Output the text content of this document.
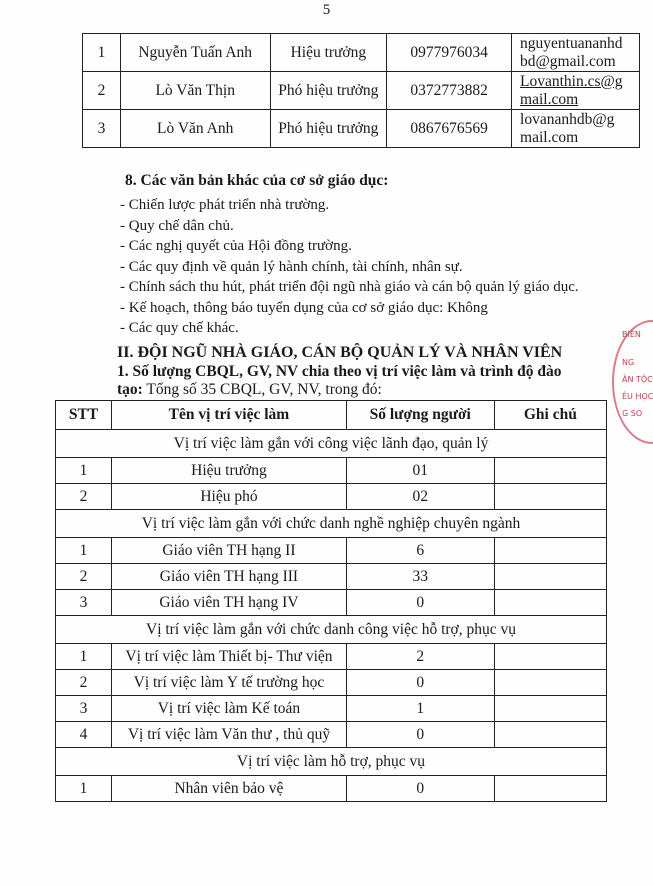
5
1	Nguyễn Tuấn Anh	Hiệu trưởng	0977976034	nguyentuananhd
bd@gmail.com
2	Lò Văn Thịn	Phó hiệu trưởng	0372773882	Lovanthin.cs@g
mail.com
3	Lò Văn Anh	Phó hiệu trưởng	0867676569	lovananhdb@g
mail.com
8. Các văn bản khác của cơ sở giáo dục:
- Chiến lược phát triển nhà trường.
- Quy chế dân chủ.
- Các nghị quyết của Hội đồng trường.
- Các quy định về quản lý hành chính, tài chính, nhân sự.
- Chính sách thu hút, phát triển đội ngũ nhà giáo và cán bộ quản lý giáo dục.
- Kế hoạch, thông báo tuyển dụng của cơ sở giáo dục: Không
- Các quy chế khác.
II. ĐỘI NGŨ NHÀ GIÁO, CÁN BỘ QUẢN LÝ VÀ NHÂN VIÊN
1. Số lượng CBQL, GV, NV chia theo vị trí việc làm và trình độ đào
tạo: Tổng số 35 CBQL, GV, NV, trong đó:
STT	Tên vị trí việc làm	Số lượng người	Ghi chú
Vị trí việc làm gắn với công việc lãnh đạo, quản lý			
1	Hiệu trưởng	01	
2	Hiệu phó	02	
Vị trí việc làm gắn với chức danh nghề nghiệp chuyên ngành			
1	Giáo viên TH hạng II	6	
2	Giáo viên TH hạng III	33	
3	Giáo viên TH hạng IV	0	
Vị trí việc làm gắn với chức danh công việc hỗ trợ, phục vụ			
1	Vị trí việc làm Thiết bị- Thư viện	2	
2	Vị trí việc làm Y tế trường học	0	
3	Vị trí việc làm Kế toán	1	
4	Vị trí việc làm Văn thư , thủ quỹ	0	
Vị trí việc làm hỗ trợ, phục vụ			
1	Nhân viên bảo vệ	0	
BIÊN
NG
ÂN TỘC
ÊU HỌC
G SO
